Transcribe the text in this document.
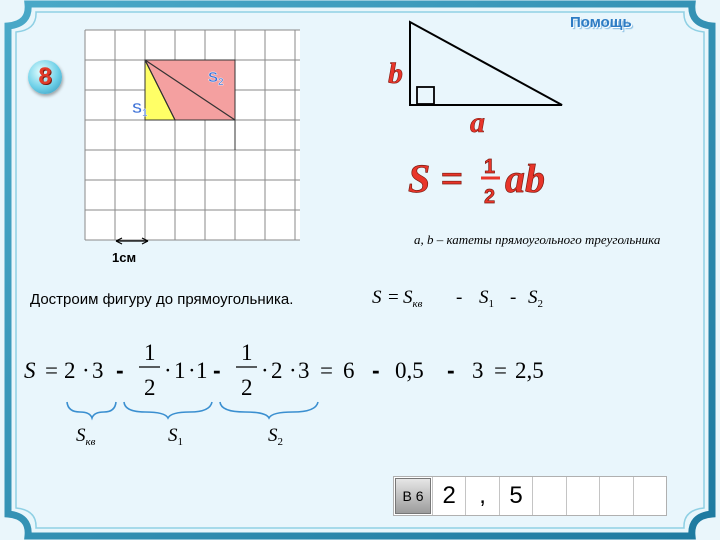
8
Помощь
$S_1$
$S_2$	b
a
S = 1
2 ab
$S = S_{кв} - S_1 - S_2$
S = 2 · 3 -
1
2
· 1 · 1 -
1
2
· 2 · 3 = 6 - 0,5 - 3 = 2,5
$S_{кв}$	$S_1$	$S_2$
1см
a, b – катеты прямоугольного треугольника
Достроим фигуру до прямоугольника.
В 6 2 , 5
